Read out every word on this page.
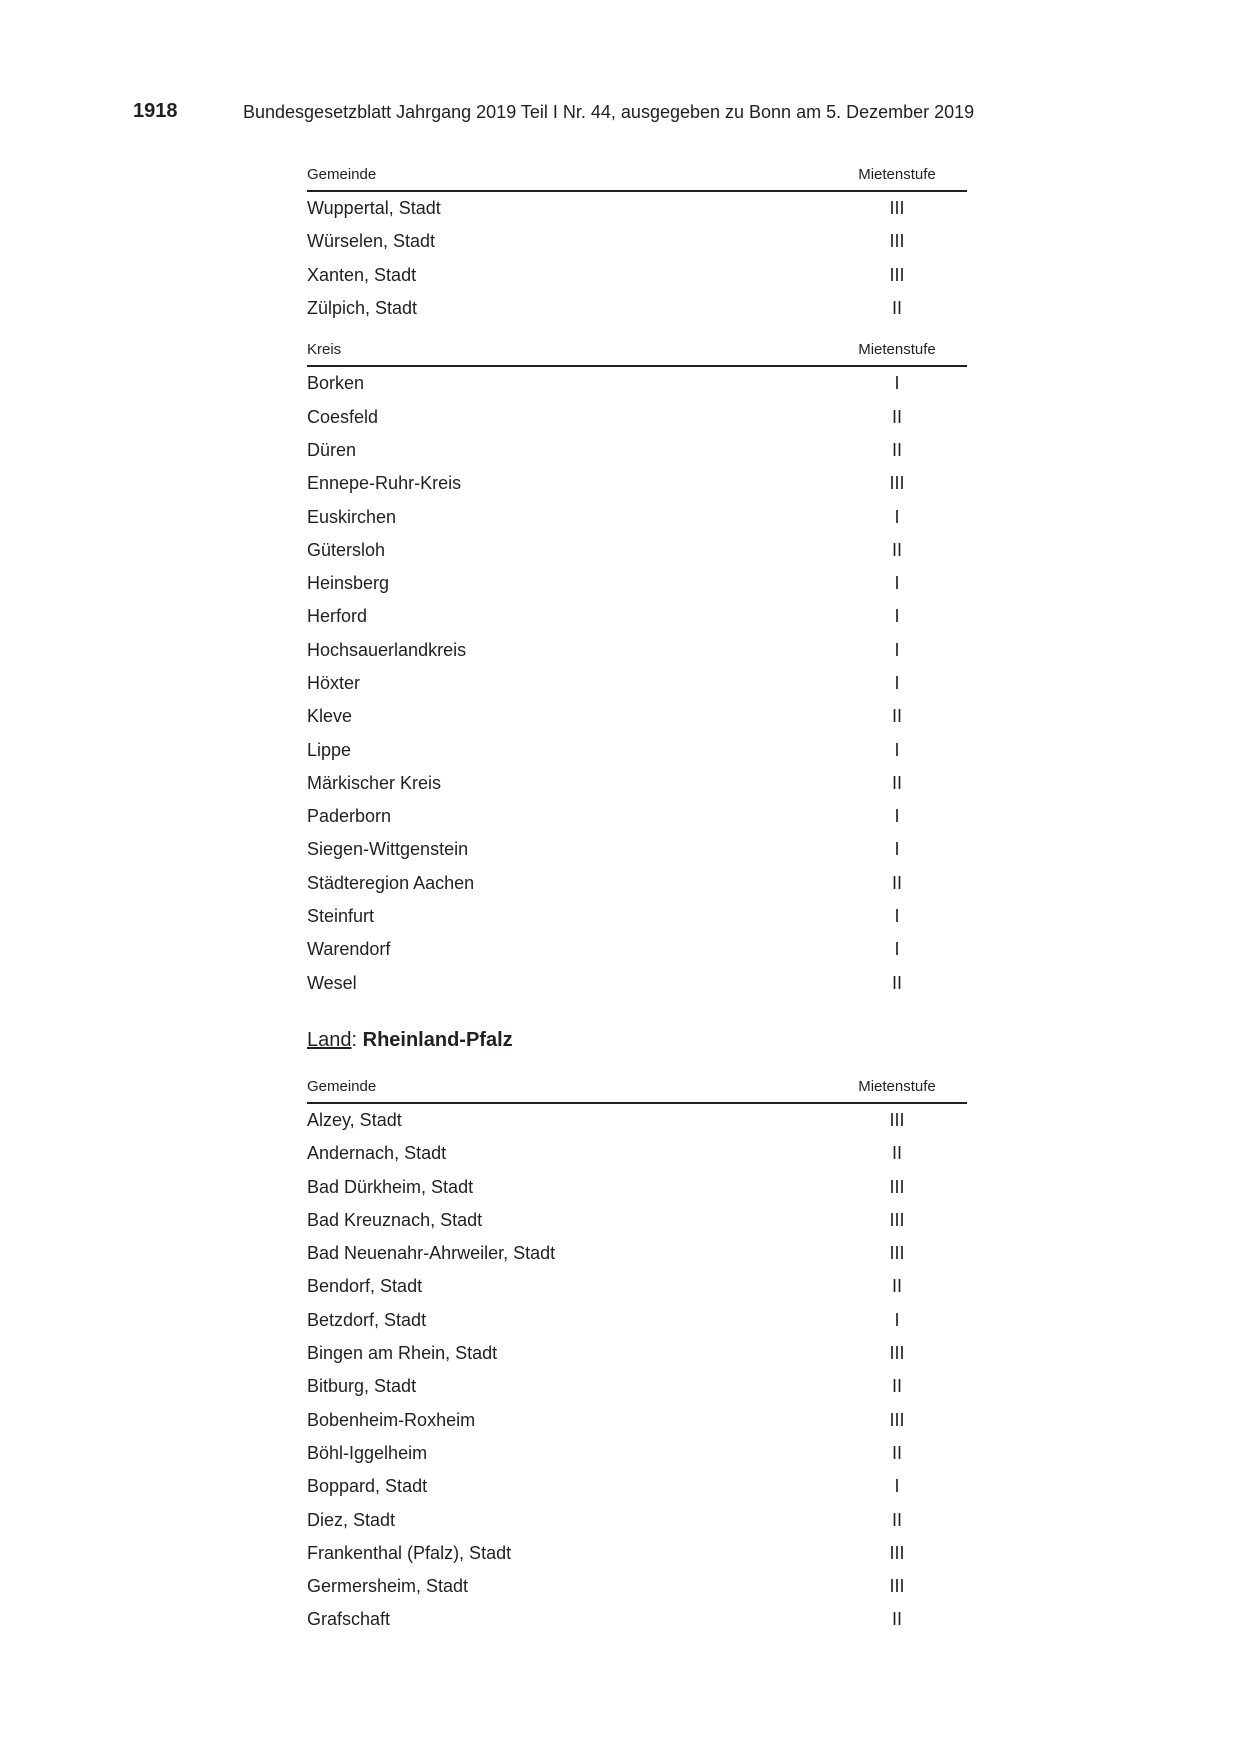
1918	Bundesgesetzblatt Jahrgang 2019 Teil I Nr. 44, ausgegeben zu Bonn am 5. Dezember 2019
Gemeinde	Mietenstufe
Wuppertal, Stadt	III
Würselen, Stadt	III
Xanten, Stadt	III
Zülpich, Stadt	II
Kreis	Mietenstufe
Borken	I
Coesfeld	II
Düren	II
Ennepe-Ruhr-Kreis	III
Euskirchen	I
Gütersloh	II
Heinsberg	I
Herford	I
Hochsauerlandkreis	I
Höxter	I
Kleve	II
Lippe	I
Märkischer Kreis	II
Paderborn	I
Siegen-Wittgenstein	I
Städteregion Aachen	II
Steinfurt	I
Warendorf	I
Wesel	II
Land: Rheinland-Pfalz
Gemeinde	Mietenstufe
Alzey, Stadt	III
Andernach, Stadt	II
Bad Dürkheim, Stadt	III
Bad Kreuznach, Stadt	III
Bad Neuenahr-Ahrweiler, Stadt	III
Bendorf, Stadt	II
Betzdorf, Stadt	I
Bingen am Rhein, Stadt	III
Bitburg, Stadt	II
Bobenheim-Roxheim	III
Böhl-Iggelheim	II
Boppard, Stadt	I
Diez, Stadt	II
Frankenthal (Pfalz), Stadt	III
Germersheim, Stadt	III
Grafschaft	II
